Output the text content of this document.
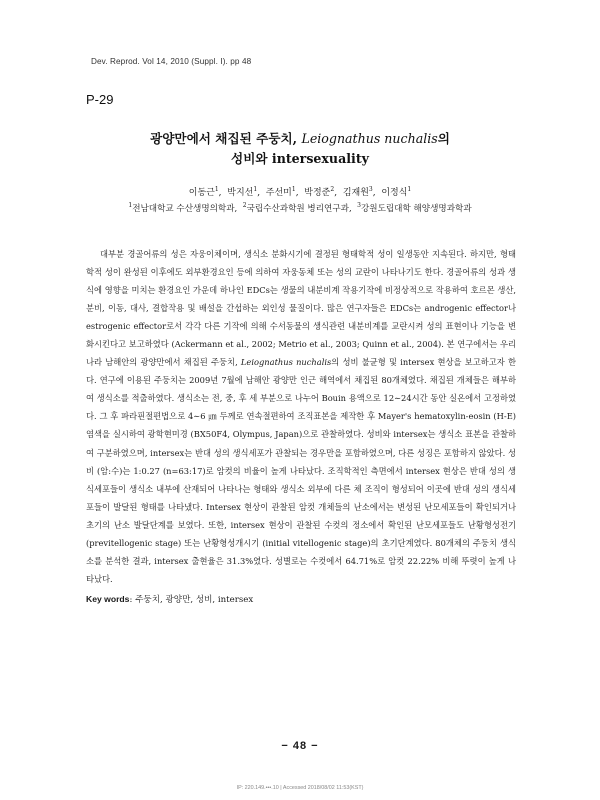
Dev. Reprod. Vol 14, 2010 (Suppl. I). pp 48
P-29
광양만에서 채집된 주둥치, Leiognathus nuchalis의
성비와 intersexuality
이동근$^1$,  박지선$^1$,  주선미$^1$,  박정준$^2$,  김재원$^3$,  이정식$^1$
$^1$전남대학교 수산생명의학과,  $^2$국립수산과학원 병리연구과,  $^3$강원도립대학 해양생명과학과

대부분 경골어류의 성은 자웅이체이며, 생식소 분화시기에 결정된 형태학적 성이 일생동안 지속된다. 하지만, 형태학적 성이 완성된 이후에도 외부환경요인 등에 의하여 자웅동체 또는 성의 교란이 나타나기도 한다. 경골어류의 성과 생식에 영향을 미치는 환경요인 가운데 하나인 EDCs는 생물의 내분비계 작용기작에 비정상적으로 작용하여 호르몬 생산, 분비, 이동, 대사, 결합작용 및 배설을 간섭하는 외인성 물질이다. 많은 연구자들은 EDCs는 androgenic effector나 estrogenic effector로서 각각 다른 기작에 의해 수서동물의 생식관련 내분비계를 교란시켜 성의 표현이나 기능을 변화시킨다고 보고하였다 (Ackermann et al., 2002; Metrio et al., 2003; Quinn et al., 2004). 본 연구에서는 우리나라 남해안의 광양만에서 채집된 주둥치, Leiognathus nuchalis의 성비 불균형 및 intersex 현상을 보고하고자 한다. 연구에 이용된 주둥치는 2009년 7월에 남해안 광양만 인근 해역에서 채집된 80개체였다. 채집된 개체들은 해부하여 생식소를 적출하였다. 생식소는 전, 중, 후 세 부분으로 나누어 Bouin 용액으로 12∼24시간 동안 실온에서 고정하였다. 그 후 파라핀절편법으로 4∼6 ㎛ 두께로 연속절편하여 조직표본을 제작한 후 Mayer's hematoxylin-eosin (H-E) 염색을 실시하여 광학현미경 (BX50F4, Olympus, Japan)으로 관찰하였다. 성비와 intersex는 생식소 표본을 관찰하여 구분하였으며, intersex는 반대 성의 생식세포가 관찰되는 경우만을 포함하였으며, 다른 성징은 포함하지 않았다. 성비 (암:수)는 1:0.27 (n=63:17)로 암컷의 비율이 높게 나타났다. 조직학적인 측면에서 intersex 현상은 반대 성의 생식세포들이 생식소 내부에 산재되어 나타나는 형태와 생식소 외부에 다른 체 조직이 형성되어 이곳에 반대 성의 생식세포들이 발달된 형태를 나타냈다. Intersex 현상이 관찰된 암컷 개체들의 난소에서는 변성된 난모세포들이 확인되거나 초기의 난소 발달단계를 보였다. 또한, intersex 현상이 관찰된 수컷의 정소에서 확인된 난모세포들도 난황형성전기 (previtellogenic stage) 또는 난황형성개시기 (initial vitellogenic stage)의 초기단계였다. 80개체의 주둥치 생식소를 분석한 결과, intersex 출현율은 31.3%였다. 성별로는 수컷에서 64.71%로 암컷 22.22% 비해 뚜렷이 높게 나타났다.

Key words: 주둥치, 광양만, 성비, intersex
− 48 −
IP: 220.149.•••.10 | Accessed 2018/08/02 11:53(KST)
